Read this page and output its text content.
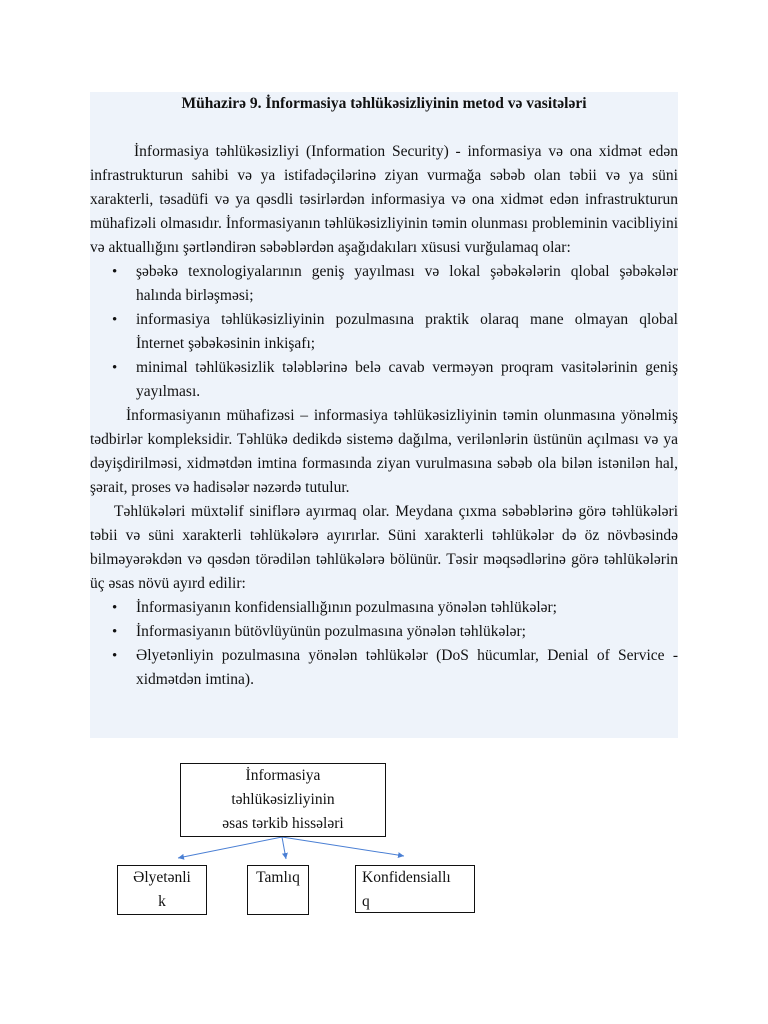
Mühazirə 9. İnformasiya təhlükəsizliyinin metod və vasitələri

İnformasiya təhlükəsizliyi (Information Security) - informasiya və ona xidmət edən infrastrukturun sahibi və ya istifadəçilərinə ziyan vurmağa səbəb olan təbii və ya süni xarakterli, təsadüfi və ya qəsdli təsirlərdən informasiya və ona xidmət edən infrastrukturun mühafizəli olmasıdır. İnformasiyanın təhlükəsizliyinin təmin olunması probleminin vacibliyini və aktuallığını şərtləndirən səbəblərdən aşağıdakıları xüsusi vurğulamaq olar:

• şəbəkə texnologiyalarının geniş yayılması və lokal şəbəkələrin qlobal şəbəkələr halında birləşməsi;
• informasiya təhlükəsizliyinin pozulmasına praktik olaraq mane olmayan qlobal İnternet şəbəkəsinin inkişafı;
• minimal təhlükəsizlik tələblərinə belə cavab verməyən proqram vasitələrinin geniş yayılması.

İnformasiyanın mühafizəsi – informasiya təhlükəsizliyinin təmin olunmasına yönəlmiş tədbirlər kompleksidir. Təhlükə dedikdə sistemə dağılma, verilənlərin üstünün açılması və ya dəyişdirilməsi, xidmətdən imtina formasında ziyan vurulmasına səbəb ola bilən istənilən hal, şərait, proses və hadisələr nəzərdə tutulur.

Təhlükələri müxtəlif siniflərə ayırmaq olar. Meydana çıxma səbəblərinə görə təhlükələri təbii və süni xarakterli təhlükələrə ayırırlar. Süni xarakterli təhlükələr də öz növbəsində bilməyərəkdən və qəsdən törədilən təhlükələrə bölünür. Təsir məqsədlərinə görə təhlükələrin üç əsas növü ayırd edilir:

• İnformasiyanın konfidensiallığının pozulmasına yönələn təhlükələr;
• İnformasiyanın bütövlüyünün pozulmasına yönələn təhlükələr;
• Əlyetənliyin pozulmasına yönələn təhlükələr (DoS hücumlar, Denial of Service - xidmətdən imtina).
İnformasiya
təhlükəsizliyinin
əsas tərkib hissələri
Əlyetənli
k
Tamlıq	Konfidensiallı
q
